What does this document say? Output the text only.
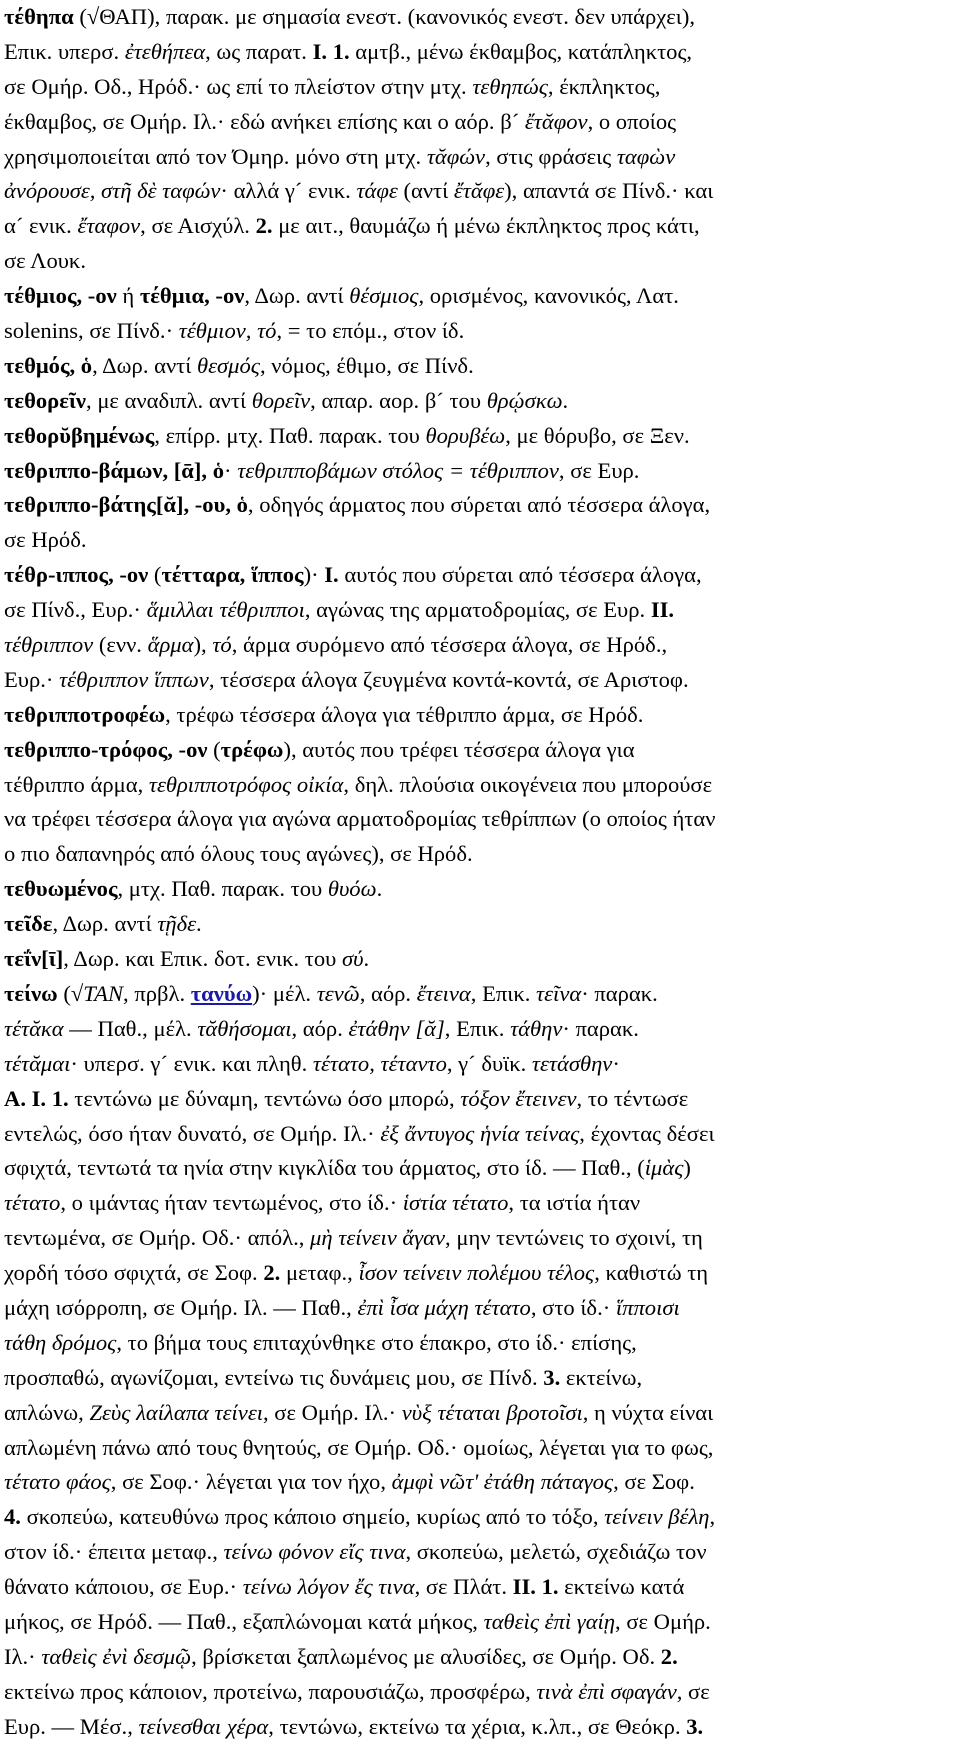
τέθηπα (√ΘΑΠ), παρακ. με σημασία ενεστ. (κανονικός ενεστ. δεν υπάρχει),
Επικ. υπερσ. ἐτεθήπεα, ως παρατ. I. 1. αμτβ., μένω έκθαμβος, κατάπληκτος,
σε Ομήρ. Οδ., Ηρόδ.· ως επί το πλείστον στην μτχ. τεθηπώς, έκπληκτος,
έκθαμβος, σε Ομήρ. Ιλ.· εδώ ανήκει επίσης και ο αόρ. β´ ἔτᾰφον, ο οποίος
χρησιμοποιείται από τον Όμηρ. μόνο στη μτχ. τᾰφών, στις φράσεις ταφὼν
ἀνόρουσε, στῆ δὲ ταφών· αλλά γ´ ενικ. τάφε (αντί ἔτᾰφε), απαντά σε Πίνδ.· και
α´ ενικ. ἔταφον, σε Αισχύλ. 2. με αιτ., θαυμάζω ή μένω έκπληκτος προς κάτι,
σε Λουκ.
τέθμιος, -ον ή τέθμια, -ον, Δωρ. αντί θέσμιος, ορισμένος, κανονικός, Λατ.
solenins, σε Πίνδ.· τέθμιον, τό, = το επόμ., στον ίδ.
τεθμός, ὁ, Δωρ. αντί θεσμός, νόμος, έθιμο, σε Πίνδ.
τεθορεῖν, με αναδιπλ. αντί θορεῖν, απαρ. αορ. β´ του θρῴσκω.
τεθορῠβημένως, επίρρ. μτχ. Παθ. παρακ. του θορυβέω, με θόρυβο, σε Ξεν.
τεθριππο-βάμων, [ᾱ], ὁ· τεθριπποβάμων στόλος = τέθριππον, σε Ευρ.
τεθριππο-βάτης[ᾰ], -ου, ὁ, οδηγός άρματος που σύρεται από τέσσερα άλογα,
σε Ηρόδ.
τέθρ-ιππος, -ον (τέτταρα, ἵππος)· I. αυτός που σύρεται από τέσσερα άλογα,
σε Πίνδ., Ευρ.· ἅμιλλαι τέθριπποι, αγώνας της αρματοδρομίας, σε Ευρ. II.
τέθριππον (ενν. ἅρμα), τό, άρμα συρόμενο από τέσσερα άλογα, σε Ηρόδ.,
Ευρ.· τέθριππον ἵππων, τέσσερα άλογα ζευγμένα κοντά-κοντά, σε Αριστοφ.
τεθριπποτροφέω, τρέφω τέσσερα άλογα για τέθριππο άρμα, σε Ηρόδ.
τεθριππο-τρόφος, -ον (τρέφω), αυτός που τρέφει τέσσερα άλογα για
τέθριππο άρμα, τεθριπποτρόφος οἰκία, δηλ. πλούσια οικογένεια που μπορούσε
να τρέφει τέσσερα άλογα για αγώνα αρματοδρομίας τεθρίππων (ο οποίος ήταν
ο πιο δαπανηρός από όλους τους αγώνες), σε Ηρόδ.
τεθυωμένος, μτχ. Παθ. παρακ. του θυόω.
τεῖδε, Δωρ. αντί τῇδε.
τεΐν[ῑ], Δωρ. και Επικ. δοτ. ενικ. του σύ.
τείνω (√ΤΑΝ, πρβλ. τανύω)· μέλ. τενῶ, αόρ. ἔτεινα, Επικ. τεῖνα· παρακ.
τέτᾰκα — Παθ., μέλ. τᾰθήσομαι, αόρ. ἐτάθην [ᾰ], Επικ. τάθην· παρακ.
τέτᾰμαι· υπερσ. γ´ ενικ. και πληθ. τέτατο, τέταντο, γ´ δυϊκ. τετάσθην·
A. I. 1. τεντώνω με δύναμη, τεντώνω όσο μπορώ, τόξον ἔτεινεν, το τέντωσε
εντελώς, όσο ήταν δυνατό, σε Ομήρ. Ιλ.· ἐξ ἄντυγος ἡνία τείνας, έχοντας δέσει
σφιχτά, τεντωτά τα ηνία στην κιγκλίδα του άρματος, στο ίδ. — Παθ., (ἱμὰς)
τέτατο, ο ιμάντας ήταν τεντωμένος, στο ίδ.· ἱστία τέτατο, τα ιστία ήταν
τεντωμένα, σε Ομήρ. Οδ.· απόλ., μὴ τείνειν ἄγαν, μην τεντώνεις το σχοινί, τη
χορδή τόσο σφιχτά, σε Σοφ. 2. μεταφ., ἶσον τείνειν πολέμου τέλος, καθιστώ τη
μάχη ισόρροπη, σε Ομήρ. Ιλ. — Παθ., ἐπὶ ἶσα μάχη τέτατο, στο ίδ.· ἵπποισι
τάθη δρόμος, το βήμα τους επιταχύνθηκε στο έπακρο, στο ίδ.· επίσης,
προσπαθώ, αγωνίζομαι, εντείνω τις δυνάμεις μου, σε Πίνδ. 3. εκτείνω,
απλώνω, Ζεὺς λαίλαπα τείνει, σε Ομήρ. Ιλ.· νὺξ τέταται βροτοῖσι, η νύχτα είναι
απλωμένη πάνω από τους θνητούς, σε Ομήρ. Οδ.· ομοίως, λέγεται για το φως,
τέτατο φάος, σε Σοφ.· λέγεται για τον ήχο, ἀμφὶ νῶτ' ἐτάθη πάταγος, σε Σοφ.
4. σκοπεύω, κατευθύνω προς κάποιο σημείο, κυρίως από το τόξο, τείνειν βέλη,
στον ίδ.· έπειτα μεταφ., τείνω φόνον εἴς τινα, σκοπεύω, μελετώ, σχεδιάζω τον
θάνατο κάποιου, σε Ευρ.· τείνω λόγον ἔς τινα, σε Πλάτ. II. 1. εκτείνω κατά
μήκος, σε Ηρόδ. — Παθ., εξαπλώνομαι κατά μήκος, ταθεὶς ἐπὶ γαίῃ, σε Ομήρ.
Ιλ.· ταθεὶς ἐνὶ δεσμῷ, βρίσκεται ξαπλωμένος με αλυσίδες, σε Ομήρ. Οδ. 2.
εκτείνω προς κάποιον, προτείνω, παρουσιάζω, προσφέρω, τινὰ ἐπὶ σφαγάν, σε
Ευρ. — Μέσ., τείνεσθαι χέρα, τεντώνω, εκτείνω τα χέρια, κ.λπ., σε Θεόκρ. 3.
